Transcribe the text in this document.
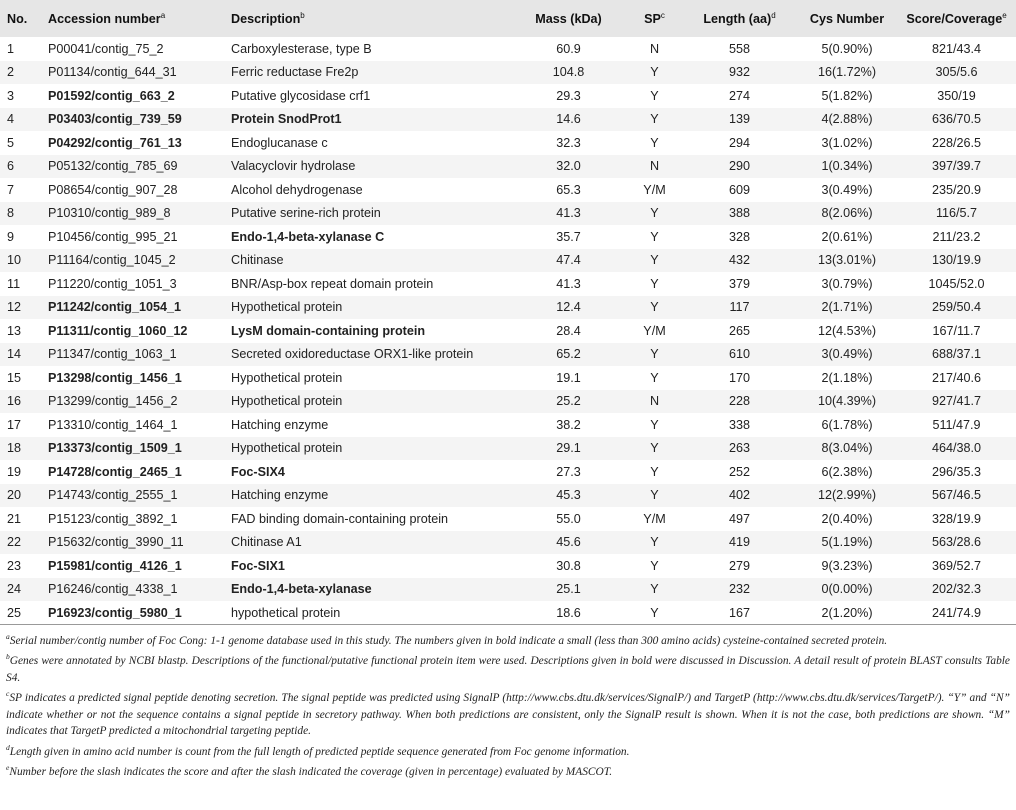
No.	Accession number$^a$	Description$^b$	Mass (kDa)	$SP^c$	Length (aa)$^d$	Cys Number	Score/Coverage$^e$
1	P00041/contig_75_2	Carboxylesterase, type B	60.9	N	558	5(0.90%)	821/43.4
2	P01134/contig_644_31	Ferric reductase Fre2p	104.8	Y	932	16(1.72%)	305/5.6
3	P01592/contig_663_2	Putative glycosidase crf1	29.3	Y	274	5(1.82%)	350/19
4	P03403/contig_739_59	Protein SnodProt1	14.6	Y	139	4(2.88%)	636/70.5
5	P04292/contig_761_13	Endoglucanase c	32.3	Y	294	3(1.02%)	228/26.5
6	P05132/contig_785_69	Valacyclovir hydrolase	32.0	N	290	1(0.34%)	397/39.7
7	P08654/contig_907_28	Alcohol dehydrogenase	65.3	Y/M	609	3(0.49%)	235/20.9
8	P10310/contig_989_8	Putative serine-rich protein	41.3	Y	388	8(2.06%)	116/5.7
9	P10456/contig_995_21	Endo-1,4-beta-xylanase C	35.7	Y	328	2(0.61%)	211/23.2
10	P11164/contig_1045_2	Chitinase	47.4	Y	432	13(3.01%)	130/19.9
11	P11220/contig_1051_3	BNR/Asp-box repeat domain protein	41.3	Y	379	3(0.79%)	1045/52.0
12	P11242/contig_1054_1	Hypothetical protein	12.4	Y	117	2(1.71%)	259/50.4
13	P11311/contig_1060_12	LysM domain-containing protein	28.4	Y/M	265	12(4.53%)	167/11.7
14	P11347/contig_1063_1	Secreted oxidoreductase ORX1-like protein	65.2	Y	610	3(0.49%)	688/37.1
15	P13298/contig_1456_1	Hypothetical protein	19.1	Y	170	2(1.18%)	217/40.6
16	P13299/contig_1456_2	Hypothetical protein	25.2	N	228	10(4.39%)	927/41.7
17	P13310/contig_1464_1	Hatching enzyme	38.2	Y	338	6(1.78%)	511/47.9
18	P13373/contig_1509_1	Hypothetical protein	29.1	Y	263	8(3.04%)	464/38.0
19	P14728/contig_2465_1	Foc-SIX4	27.3	Y	252	6(2.38%)	296/35.3
20	P14743/contig_2555_1	Hatching enzyme	45.3	Y	402	12(2.99%)	567/46.5
21	P15123/contig_3892_1	FAD binding domain-containing protein	55.0	Y/M	497	2(0.40%)	328/19.9
22	P15632/contig_3990_11	Chitinase A1	45.6	Y	419	5(1.19%)	563/28.6
23	P15981/contig_4126_1	Foc-SIX1	30.8	Y	279	9(3.23%)	369/52.7
24	P16246/contig_4338_1	Endo-1,4-beta-xylanase	25.1	Y	232	0(0.00%)	202/32.3
25	P16923/contig_5980_1	hypothetical protein	18.6	Y	167	2(1.20%)	241/74.9

$^a$Serial number/contig number of Foc Cong: 1-1 genome database used in this study. The numbers given in bold indicate a small (less than 300 amino acids) cysteine-contained secreted protein.

$^b$Genes were annotated by NCBI blastp. Descriptions of the functional/putative functional protein item were used. Descriptions given in bold were discussed in Discussion. A detail result of protein BLAST consults Table S4.

$^c$SP indicates a predicted signal peptide denoting secretion. The signal peptide was predicted using SignalP (http://www.cbs.dtu.dk/services/SignalP/) and TargetP (http://www.cbs.dtu.dk/services/TargetP/). “Y” and “N” indicate whether or not the sequence contains a signal peptide in secretory pathway. When both predictions are consistent, only the SignalP result is shown. When it is not the case, both predictions are shown. “M” indicates that TargetP predicted a mitochondrial targeting peptide.

$^d$Length given in amino acid number is count from the full length of predicted peptide sequence generated from Foc genome information.

$^e$Number before the slash indicates the score and after the slash indicated the coverage (given in percentage) evaluated by MASCOT.
